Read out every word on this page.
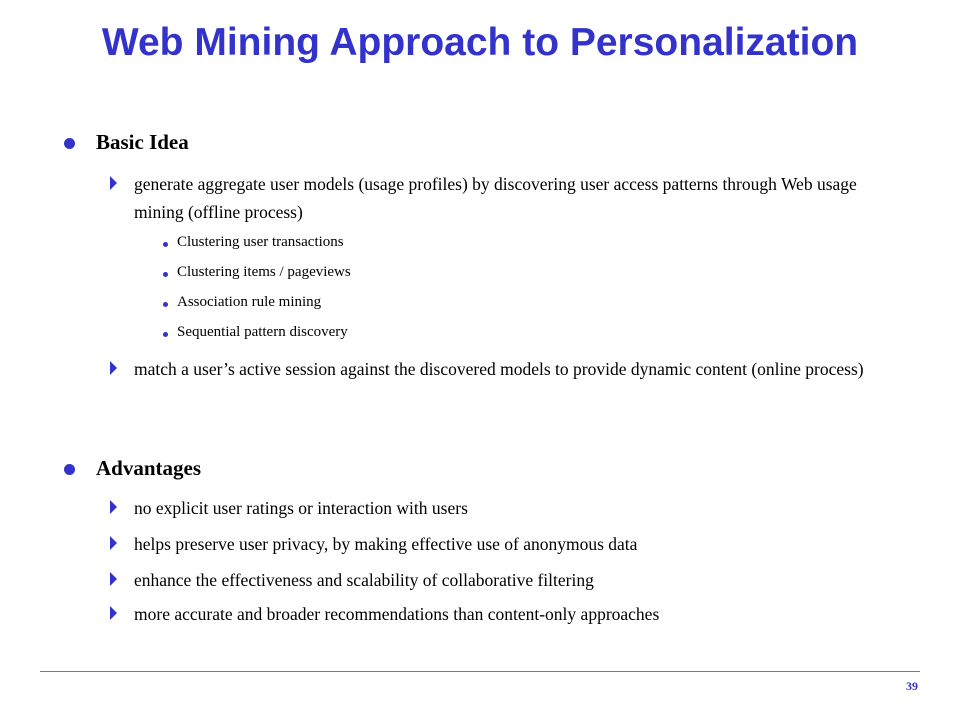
Web Mining Approach to Personalization
Basic Idea
generate aggregate user models (usage profiles) by discovering user access patterns through Web usage mining (offline process)
Clustering user transactions
Clustering items / pageviews
Association rule mining
Sequential pattern discovery
match a user’s active session against the discovered models to provide dynamic content (online process)
Advantages
no explicit user ratings or interaction with users
helps preserve user privacy, by making effective use of anonymous data
enhance the effectiveness and scalability of collaborative filtering
more accurate and broader recommendations than content-only approaches
39
